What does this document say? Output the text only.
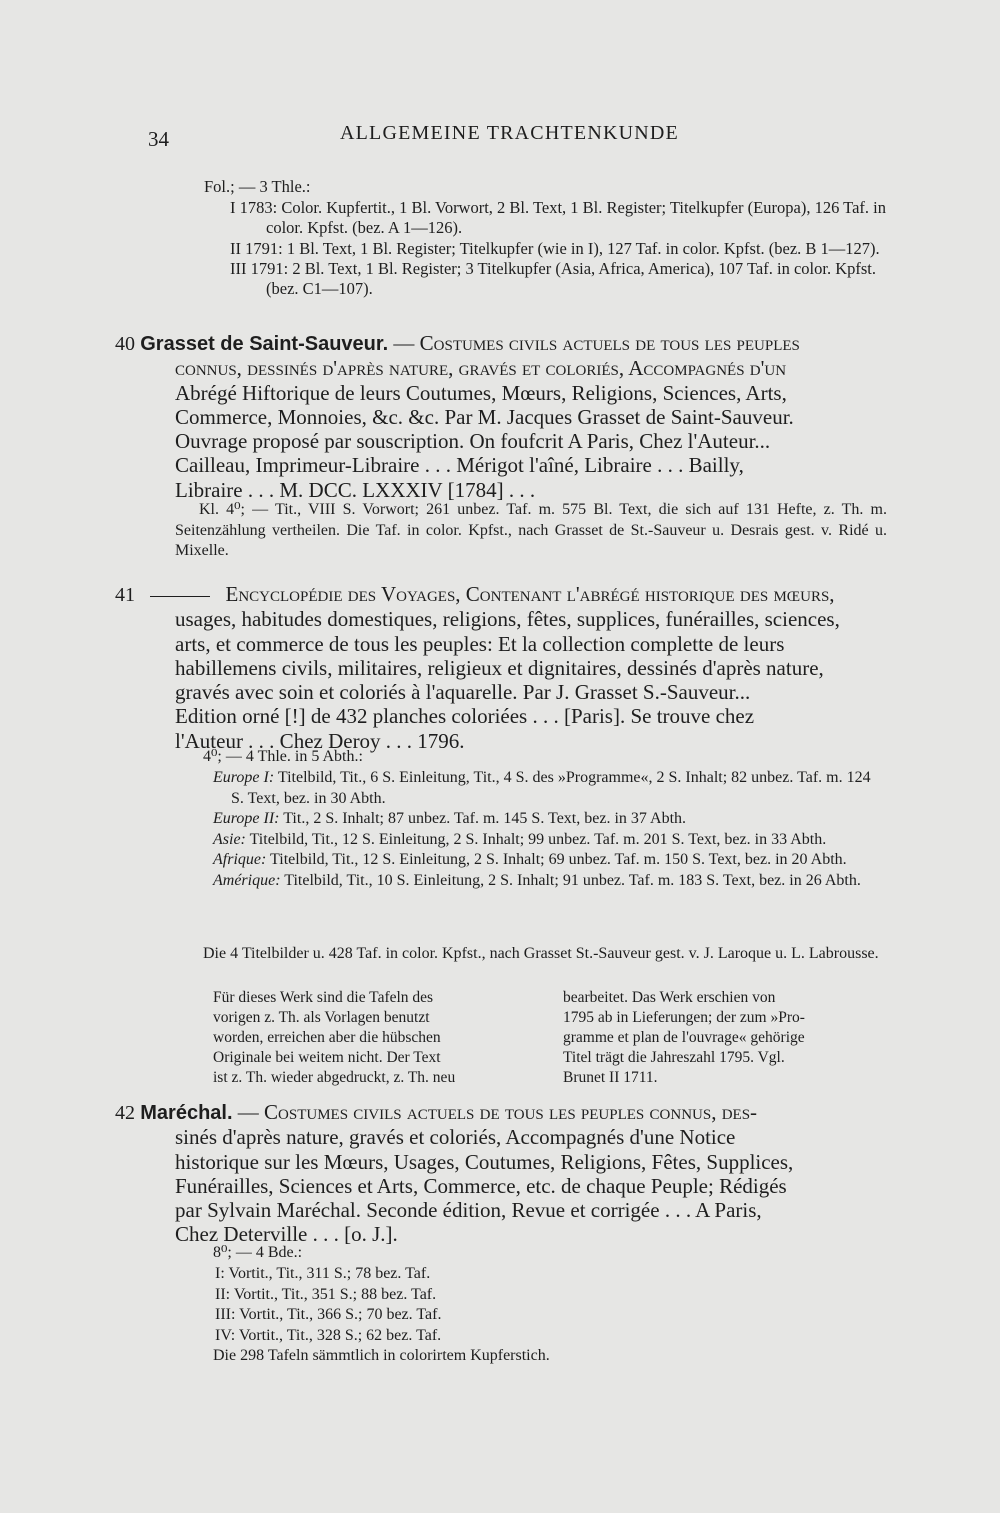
34	ALLGEMEINE TRACHTENKUNDE
Fol.; — 3 Thle.:

I 1783: Color. Kupfertit., 1 Bl. Vorwort, 2 Bl. Text, 1 Bl. Register; Titelkupfer (Europa), 126 Taf. in color. Kpfst. (bez. A 1—126).

II 1791: 1 Bl. Text, 1 Bl. Register; Titelkupfer (wie in I), 127 Taf. in color. Kpfst. (bez. B 1—127).

III 1791: 2 Bl. Text, 1 Bl. Register; 3 Titelkupfer (Asia, Africa, America), 107 Taf. in color. Kpfst. (bez. C1—107).

40 Grasset de Saint-Sauveur. — Costumes civils actuels de tous les peuples
connus, dessinés d'après nature, gravés et coloriés, Accompagnés d'un
Abrégé Hiftorique de leurs Coutumes, Mœurs, Religions, Sciences, Arts,
Commerce, Monnoies, &c. &c. Par M. Jacques Grasset de Saint-Sauveur.
Ouvrage proposé par souscription. On foufcrit A Paris, Chez l'Auteur...
Cailleau, Imprimeur-Libraire . . . Mérigot l'aîné, Libraire . . . Bailly,
Libraire . . . M. DCC. LXXXIV [1784] . . .
Kl. 4⁰; — Tit., VIII S. Vorwort; 261 unbez. Taf. m. 575 Bl. Text, die sich auf 131 Hefte, z. Th. m. Seitenzählung vertheilen. Die Taf. in color. Kpfst., nach Grasset de St.-Sauveur u. Desrais gest. v. Ridé u. Mixelle.
41	Encyclopédie des Voyages, Contenant l'abrégé historique des mœurs,
usages, habitudes domestiques, religions, fêtes, supplices, funérailles, sciences,
arts, et commerce de tous les peuples: Et la collection complette de leurs
habillemens civils, militaires, religieux et dignitaires, dessinés d'après nature,
gravés avec soin et coloriés à l'aquarelle. Par J. Grasset S.-Sauveur...
Edition orné [!] de 432 planches coloriées . . . [Paris]. Se trouve chez
l'Auteur . . . Chez Deroy . . . 1796.
4⁰; — 4 Thle. in 5 Abth.:

Europe I: Titelbild, Tit., 6 S. Einleitung, Tit., 4 S. des »Programme«, 2 S. Inhalt; 82 unbez. Taf. m. 124 S. Text, bez. in 30 Abth.

Europe II: Tit., 2 S. Inhalt; 87 unbez. Taf. m. 145 S. Text, bez. in 37 Abth.

Asie: Titelbild, Tit., 12 S. Einleitung, 2 S. Inhalt; 99 unbez. Taf. m. 201 S. Text, bez. in 33 Abth.

Afrique: Titelbild, Tit., 12 S. Einleitung, 2 S. Inhalt; 69 unbez. Taf. m. 150 S. Text, bez. in 20 Abth.

Amérique: Titelbild, Tit., 10 S. Einleitung, 2 S. Inhalt; 91 unbez. Taf. m. 183 S. Text, bez. in 26 Abth.

Die 4 Titelbilder u. 428 Taf. in color. Kpfst., nach Grasset St.-Sauveur gest. v. J. Laroque u. L. Labrousse.
Für dieses Werk sind die Tafeln des
vorigen z. Th. als Vorlagen benutzt
worden, erreichen aber die hübschen
Originale bei weitem nicht. Der Text
ist z. Th. wieder abgedruckt, z. Th. neu
bearbeitet. Das Werk erschien von
1795 ab in Lieferungen; der zum »Pro-
gramme et plan de l'ouvrage« gehörige
Titel trägt die Jahreszahl 1795. Vgl.
Brunet II 1711.
42 Maréchal. — Costumes civils actuels de tous les peuples connus, des-
sinés d'après nature, gravés et coloriés, Accompagnés d'une Notice
historique sur les Mœurs, Usages, Coutumes, Religions, Fêtes, Supplices,
Funérailles, Sciences et Arts, Commerce, etc. de chaque Peuple; Rédigés
par Sylvain Maréchal. Seconde édition, Revue et corrigée . . . A Paris,
Chez Deterville . . . [o. J.].
8⁰; — 4 Bde.:
I: Vortit., Tit., 311 S.; 78 bez. Taf.
II: Vortit., Tit., 351 S.; 88 bez. Taf.
III: Vortit., Tit., 366 S.; 70 bez. Taf.
IV: Vortit., Tit., 328 S.; 62 bez. Taf.
Die 298 Tafeln sämmtlich in colorirtem Kupferstich.
